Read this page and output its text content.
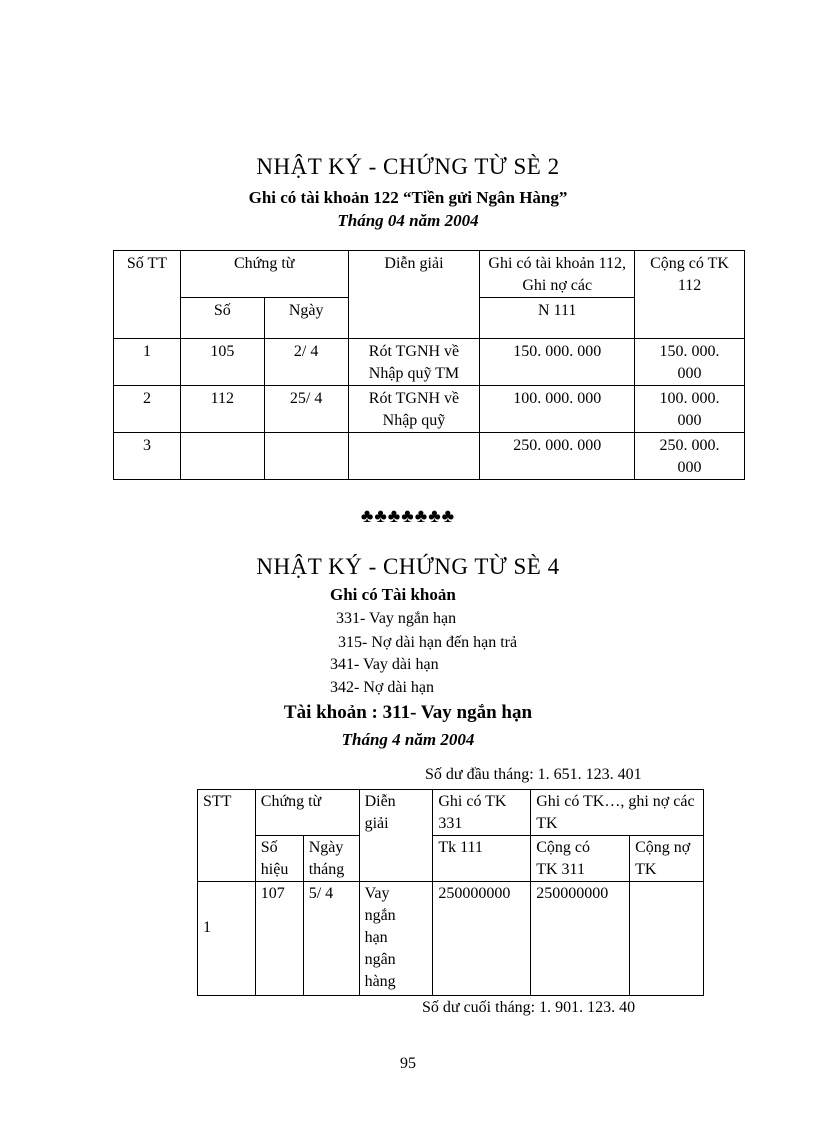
NHẬT KÝ - CHỨNG TỪ SÈ 2
Ghi có tài khoản 122 “Tiền gửi Ngân Hàng”
Tháng 04 năm 2004
Số TT	Chứng từ		Diễn giải	Ghi có tài khoản 112, Ghi nợ các	Cộng có TK 112

	Số	Ngày		N 111	

1	105	2/ 4	Rót TGNH về Nhập quỹ TM	150. 000. 000	150. 000. 000

2	112	25/ 4	Rót TGNH về Nhập quỹ	100. 000. 000	100. 000. 000

3				250. 000. 000	250. 000. 000
♣♣♣♣♣♣♣
NHẬT KÝ - CHỨNG TỪ SÈ 4
Ghi có Tài khoản
331- Vay ngắn hạn
315- Nợ dài hạn đến hạn trả
341- Vay dài hạn
342- Nợ dài hạn
Tài khoản : 311- Vay ngắn hạn
Tháng 4 năm 2004
Số dư đầu tháng: 1. 651. 123. 401
STT	Chứng từ		Diễn giải	Ghi có TK 331	Ghi có TK…, ghi nợ các TK	

	Số hiệu	Ngày tháng		Tk 111	Cộng có TK 311	Cộng nợ TK

1	107	5/ 4	Vay ngắn hạn ngân hàng	250000000	250000000	

Số dư cuối tháng: 1. 901. 123. 40
95
